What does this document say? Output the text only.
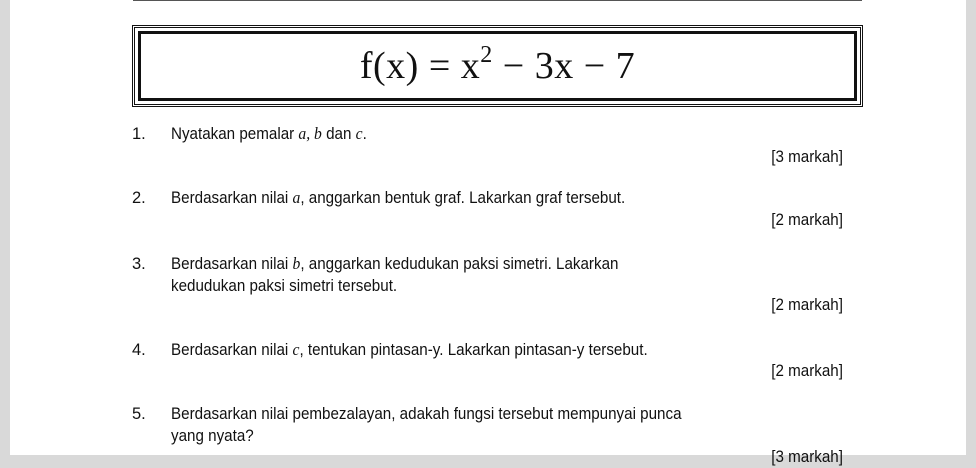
$f(x) = x^2 - 3x - 7$
1. Nyatakan pemalar a, b dan c.
[3 markah]
2. Berdasarkan nilai a, anggarkan bentuk graf. Lakarkan graf tersebut.
[2 markah]
3. Berdasarkan nilai b, anggarkan kedudukan paksi simetri. Lakarkan kedudukan paksi simetri tersebut.
[2 markah]
4. Berdasarkan nilai c, tentukan pintasan-y. Lakarkan pintasan-y tersebut.
[2 markah]
5. Berdasarkan nilai pembezalayan, adakah fungsi tersebut mempunyai punca yang nyata?
[3 markah]
